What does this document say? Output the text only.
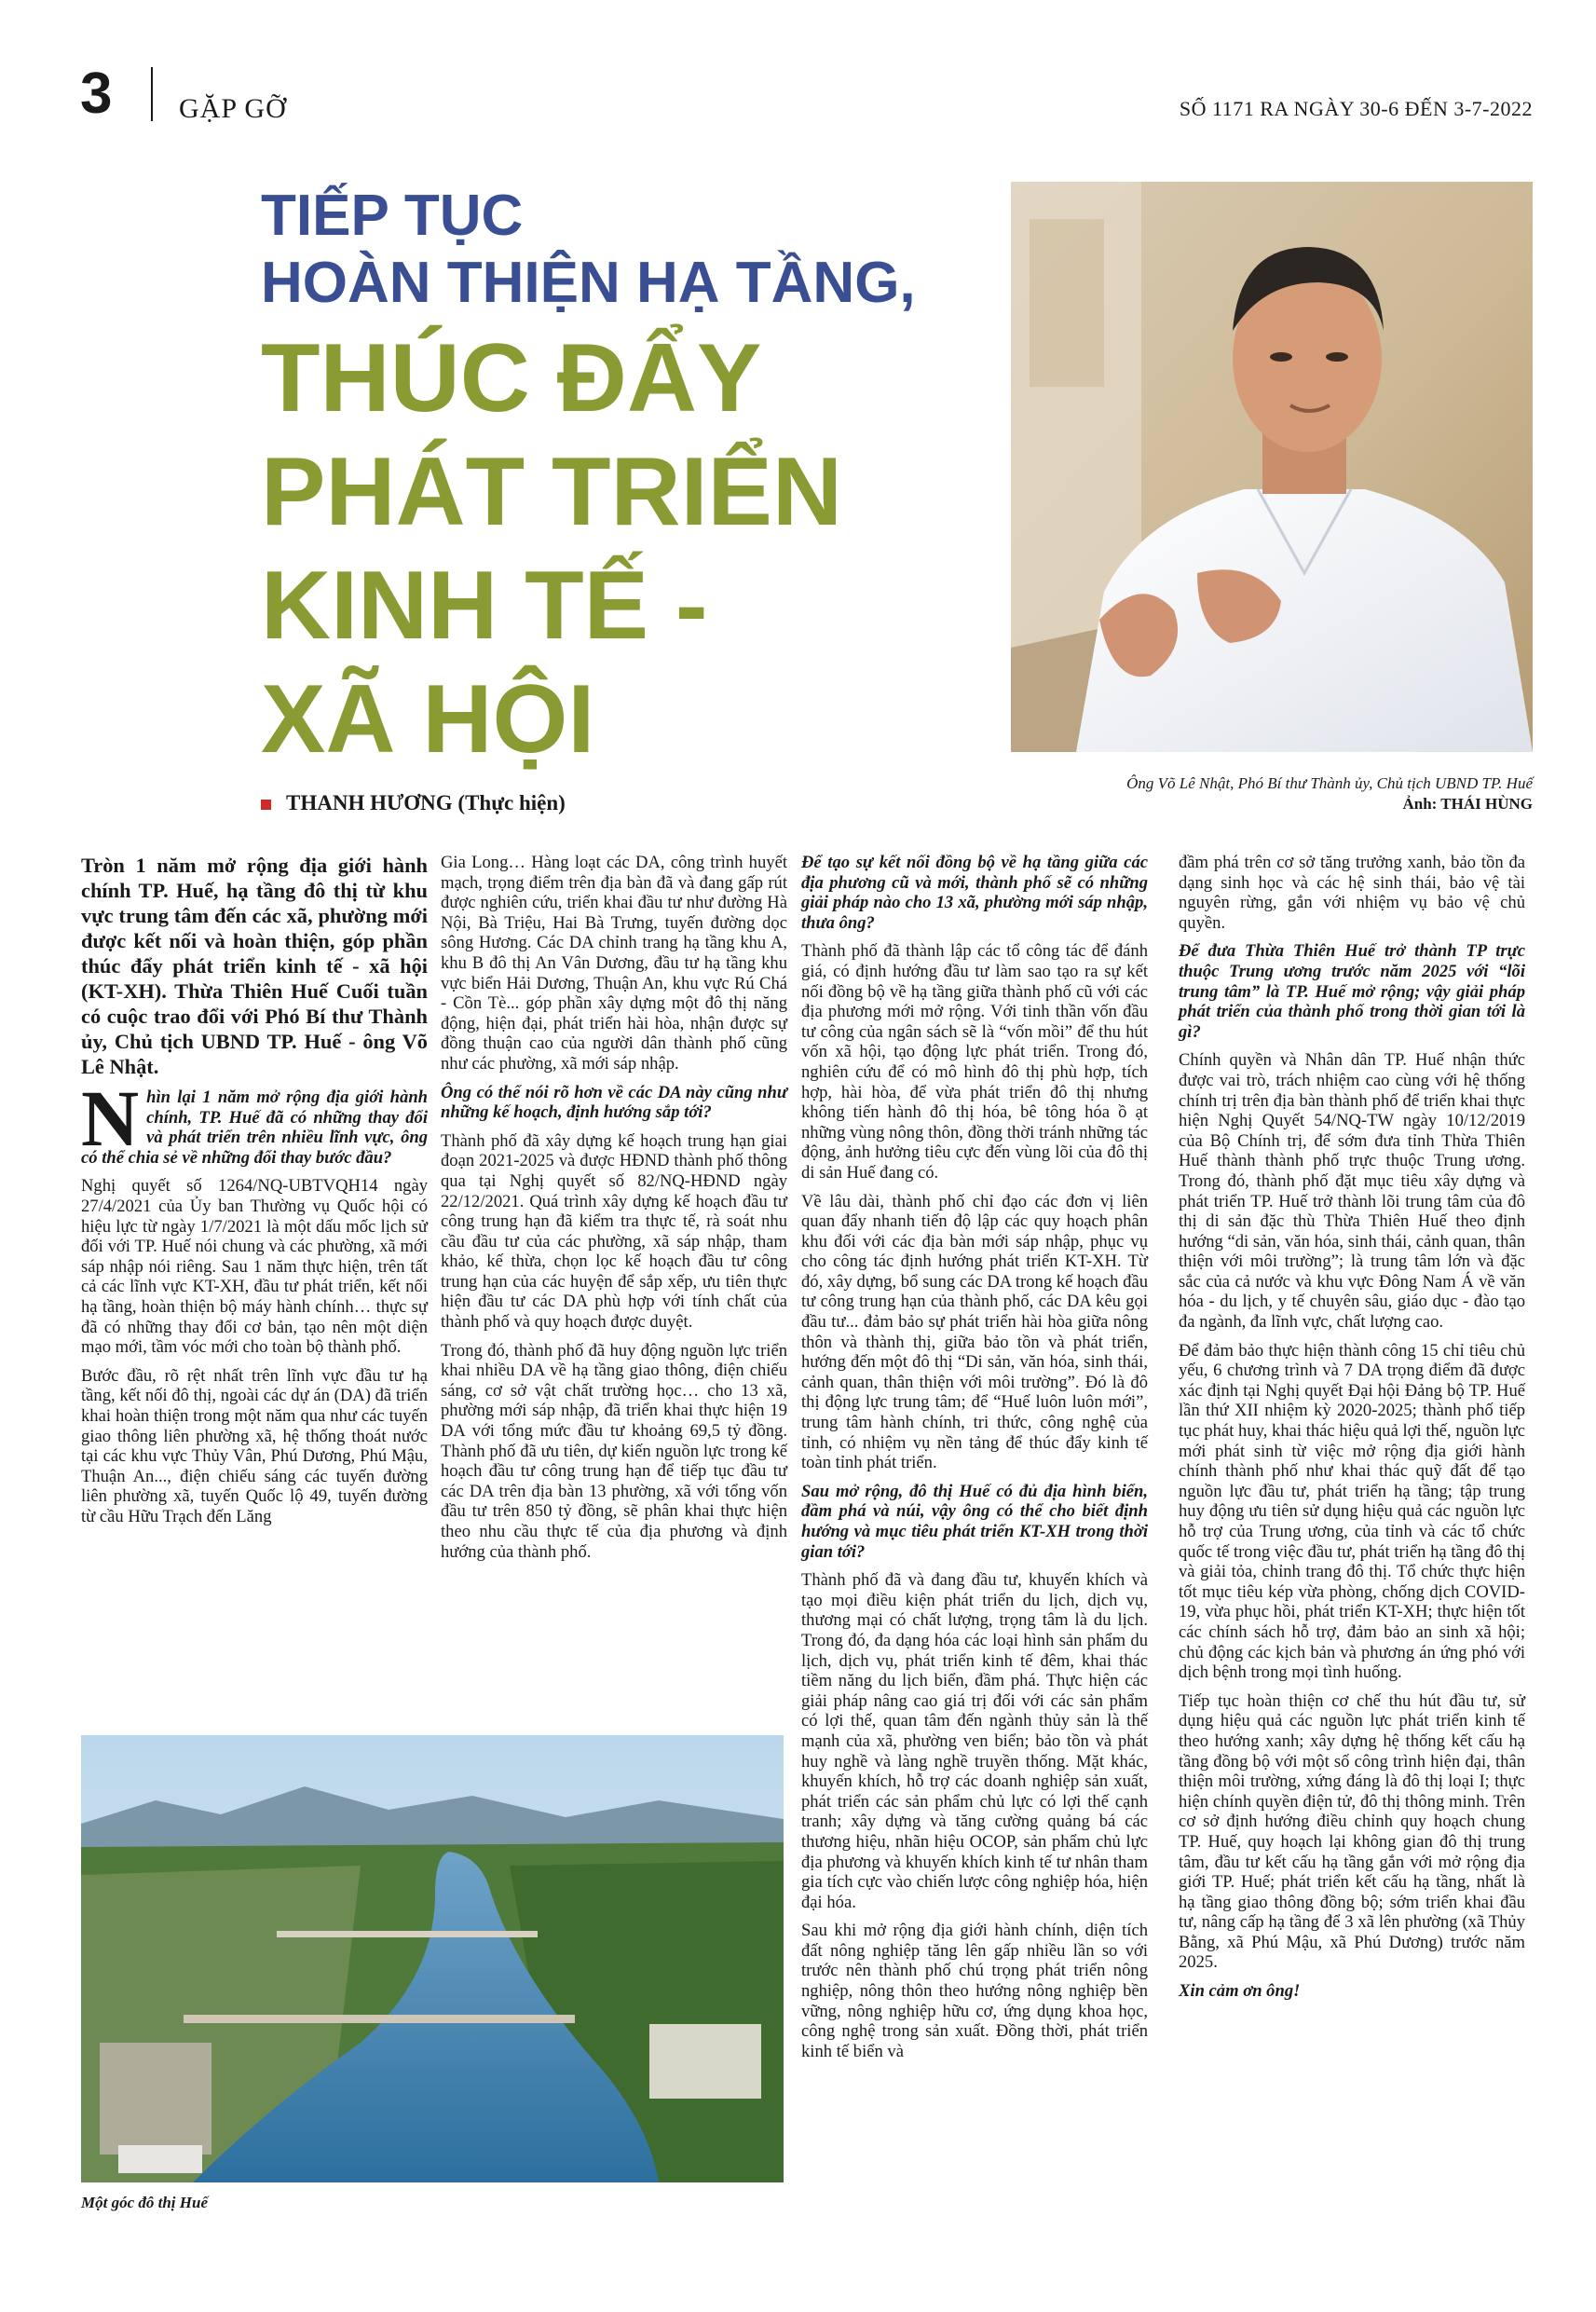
3 GẶP GỠ	SỐ 1171 RA NGÀY 30-6 ĐẾN 3-7-2022
TIẾP TỤC
HOÀN THIỆN HẠ TẦNG,
THÚC ĐẨY
PHÁT TRIỂN
KINH TẾ -
XÃ HỘI
THANH HƯƠNG (Thực hiện)
Ông Võ Lê Nhật, Phó Bí thư Thành ủy, Chủ tịch UBND TP. Huế
Ảnh: THÁI HÙNG

Tròn 1 năm mở rộng địa giới hành chính TP. Huế, hạ tầng đô thị từ khu vực trung tâm đến các xã, phường mới được kết nối và hoàn thiện, góp phần thúc đẩy phát triển kinh tế - xã hội (KT-XH). Thừa Thiên Huế Cuối tuần có cuộc trao đổi với Phó Bí thư Thành ủy, Chủ tịch UBND TP. Huế - ông Võ Lê Nhật.

Nhìn lại 1 năm mở rộng địa giới hành chính, TP. Huế đã có những thay đổi và phát triển trên nhiều lĩnh vực, ông có thể chia sẻ về những đổi thay bước đầu?

Nghị quyết số 1264/NQ-UBTVQH14 ngày 27/4/2021 của Ủy ban Thường vụ Quốc hội có hiệu lực từ ngày 1/7/2021 là một dấu mốc lịch sử đối với TP. Huế nói chung và các phường, xã mới sáp nhập nói riêng. Sau 1 năm thực hiện, trên tất cả các lĩnh vực KT-XH, đầu tư phát triển, kết nối hạ tầng, hoàn thiện bộ máy hành chính… thực sự đã có những thay đổi cơ bản, tạo nên một diện mạo mới, tầm vóc mới cho toàn bộ thành phố.

Bước đầu, rõ rệt nhất trên lĩnh vực đầu tư hạ tầng, kết nối đô thị, ngoài các dự án (DA) đã triển khai hoàn thiện trong một năm qua như các tuyến giao thông liên phường xã, hệ thống thoát nước tại các khu vực Thủy Vân, Phú Dương, Phú Mậu, Thuận An..., điện chiếu sáng các tuyến đường liên phường xã, tuyến Quốc lộ 49, tuyến đường từ cầu Hữu Trạch đến Lăng

Gia Long… Hàng loạt các DA, công trình huyết mạch, trọng điểm trên địa bàn đã và đang gấp rút được nghiên cứu, triển khai đầu tư như đường Hà Nội, Bà Triệu, Hai Bà Trưng, tuyến đường dọc sông Hương. Các DA chỉnh trang hạ tầng khu A, khu B đô thị An Vân Dương, đầu tư hạ tầng khu vực biển Hải Dương, Thuận An, khu vực Rú Chá - Cồn Tè... góp phần xây dựng một đô thị năng động, hiện đại, phát triển hài hòa, nhận được sự đồng thuận cao của người dân thành phố cũng như các phường, xã mới sáp nhập.

Ông có thể nói rõ hơn về các DA này cũng như những kế hoạch, định hướng sắp tới?

Thành phố đã xây dựng kế hoạch trung hạn giai đoạn 2021-2025 và được HĐND thành phố thông qua tại Nghị quyết số 82/NQ-HĐND ngày 22/12/2021. Quá trình xây dựng kế hoạch đầu tư công trung hạn đã kiểm tra thực tế, rà soát nhu cầu đầu tư của các phường, xã sáp nhập, tham khảo, kế thừa, chọn lọc kế hoạch đầu tư công trung hạn của các huyện để sắp xếp, ưu tiên thực hiện đầu tư các DA phù hợp với tính chất của thành phố và quy hoạch được duyệt.

Trong đó, thành phố đã huy động nguồn lực triển khai nhiều DA về hạ tầng giao thông, điện chiếu sáng, cơ sở vật chất trường học… cho 13 xã, phường mới sáp nhập, đã triển khai thực hiện 19 DA với tổng mức đầu tư khoảng 69,5 tỷ đồng. Thành phố đã ưu tiên, dự kiến nguồn lực trong kế hoạch đầu tư công trung hạn để tiếp tục đầu tư các DA trên địa bàn 13 phường, xã với tổng vốn đầu tư trên 850 tỷ đồng, sẽ phân khai thực hiện theo nhu cầu thực tế của địa phương và định hướng của thành phố.

Để tạo sự kết nối đồng bộ về hạ tầng giữa các địa phương cũ và mới, thành phố sẽ có những giải pháp nào cho 13 xã, phường mới sáp nhập, thưa ông?

Thành phố đã thành lập các tổ công tác để đánh giá, có định hướng đầu tư làm sao tạo ra sự kết nối đồng bộ về hạ tầng giữa thành phố cũ với các địa phương mới mở rộng. Với tinh thần vốn đầu tư công của ngân sách sẽ là “vốn mồi” để thu hút vốn xã hội, tạo động lực phát triển. Trong đó, nghiên cứu để có mô hình đô thị phù hợp, tích hợp, hài hòa, để vừa phát triển đô thị nhưng không tiến hành đô thị hóa, bê tông hóa ồ ạt những vùng nông thôn, đồng thời tránh những tác động, ảnh hưởng tiêu cực đến vùng lõi của đô thị di sản Huế đang có.

Về lâu dài, thành phố chỉ đạo các đơn vị liên quan đẩy nhanh tiến độ lập các quy hoạch phân khu đối với các địa bàn mới sáp nhập, phục vụ cho công tác định hướng phát triển KT-XH. Từ đó, xây dựng, bổ sung các DA trong kế hoạch đầu tư công trung hạn của thành phố, các DA kêu gọi đầu tư... đảm bảo sự phát triển hài hòa giữa nông thôn và thành thị, giữa bảo tồn và phát triển, hướng đến một đô thị “Di sản, văn hóa, sinh thái, cảnh quan, thân thiện với môi trường”. Đó là đô thị động lực trung tâm; để “Huế luôn luôn mới”, trung tâm hành chính, tri thức, công nghệ của tỉnh, có nhiệm vụ nền tảng để thúc đẩy kinh tế toàn tỉnh phát triển.

Sau mở rộng, đô thị Huế có đủ địa hình biển, đầm phá và núi, vậy ông có thể cho biết định hướng và mục tiêu phát triển KT-XH trong thời gian tới?

Thành phố đã và đang đầu tư, khuyến khích và tạo mọi điều kiện phát triển du lịch, dịch vụ, thương mại có chất lượng, trọng tâm là du lịch. Trong đó, đa dạng hóa các loại hình sản phẩm du lịch, dịch vụ, phát triển kinh tế đêm, khai thác tiềm năng du lịch biển, đầm phá. Thực hiện các giải pháp nâng cao giá trị đối với các sản phẩm có lợi thế, quan tâm đến ngành thủy sản là thế mạnh của xã, phường ven biển; bảo tồn và phát huy nghề và làng nghề truyền thống. Mặt khác, khuyến khích, hỗ trợ các doanh nghiệp sản xuất, phát triển các sản phẩm chủ lực có lợi thế cạnh tranh; xây dựng và tăng cường quảng bá các thương hiệu, nhãn hiệu OCOP, sản phẩm chủ lực địa phương và khuyến khích kinh tế tư nhân tham gia tích cực vào chiến lược công nghiệp hóa, hiện đại hóa.

Sau khi mở rộng địa giới hành chính, diện tích đất nông nghiệp tăng lên gấp nhiều lần so với trước nên thành phố chú trọng phát triển nông nghiệp, nông thôn theo hướng nông nghiệp bền vững, nông nghiệp hữu cơ, ứng dụng khoa học, công nghệ trong sản xuất. Đồng thời, phát triển kinh tế biển và

đầm phá trên cơ sở tăng trưởng xanh, bảo tồn đa dạng sinh học và các hệ sinh thái, bảo vệ tài nguyên rừng, gắn với nhiệm vụ bảo vệ chủ quyền.

Để đưa Thừa Thiên Huế trở thành TP trực thuộc Trung ương trước năm 2025 với “lõi trung tâm” là TP. Huế mở rộng; vậy giải pháp phát triển của thành phố trong thời gian tới là gì?

Chính quyền và Nhân dân TP. Huế nhận thức được vai trò, trách nhiệm cao cùng với hệ thống chính trị trên địa bàn thành phố để triển khai thực hiện Nghị Quyết 54/NQ-TW ngày 10/12/2019 của Bộ Chính trị, để sớm đưa tỉnh Thừa Thiên Huế thành thành phố trực thuộc Trung ương. Trong đó, thành phố đặt mục tiêu xây dựng và phát triển TP. Huế trở thành lõi trung tâm của đô thị di sản đặc thù Thừa Thiên Huế theo định hướng “di sản, văn hóa, sinh thái, cảnh quan, thân thiện với môi trường”; là trung tâm lớn và đặc sắc của cả nước và khu vực Đông Nam Á về văn hóa - du lịch, y tế chuyên sâu, giáo dục - đào tạo đa ngành, đa lĩnh vực, chất lượng cao.

Để đảm bảo thực hiện thành công 15 chỉ tiêu chủ yếu, 6 chương trình và 7 DA trọng điểm đã được xác định tại Nghị quyết Đại hội Đảng bộ TP. Huế lần thứ XII nhiệm kỳ 2020-2025; thành phố tiếp tục phát huy, khai thác hiệu quả lợi thế, nguồn lực mới phát sinh từ việc mở rộng địa giới hành chính thành phố như khai thác quỹ đất để tạo nguồn lực đầu tư, phát triển hạ tầng; tập trung huy động ưu tiên sử dụng hiệu quả các nguồn lực hỗ trợ của Trung ương, của tỉnh và các tổ chức quốc tế trong việc đầu tư, phát triển hạ tầng đô thị và giải tỏa, chỉnh trang đô thị. Tổ chức thực hiện tốt mục tiêu kép vừa phòng, chống dịch COVID-19, vừa phục hồi, phát triển KT-XH; thực hiện tốt các chính sách hỗ trợ, đảm bảo an sinh xã hội; chủ động các kịch bản và phương án ứng phó với dịch bệnh trong mọi tình huống.

Tiếp tục hoàn thiện cơ chế thu hút đầu tư, sử dụng hiệu quả các nguồn lực phát triển kinh tế theo hướng xanh; xây dựng hệ thống kết cấu hạ tầng đồng bộ với một số công trình hiện đại, thân thiện môi trường, xứng đáng là đô thị loại I; thực hiện chính quyền điện tử, đô thị thông minh. Trên cơ sở định hướng điều chỉnh quy hoạch chung TP. Huế, quy hoạch lại không gian đô thị trung tâm, đầu tư kết cấu hạ tầng gắn với mở rộng địa giới TP. Huế; phát triển kết cấu hạ tầng, nhất là hạ tầng giao thông đồng bộ; sớm triển khai đầu tư, nâng cấp hạ tầng để 3 xã lên phường (xã Thủy Bằng, xã Phú Mậu, xã Phú Dương) trước năm 2025.

Xin cảm ơn ông!

Một góc đô thị Huế
